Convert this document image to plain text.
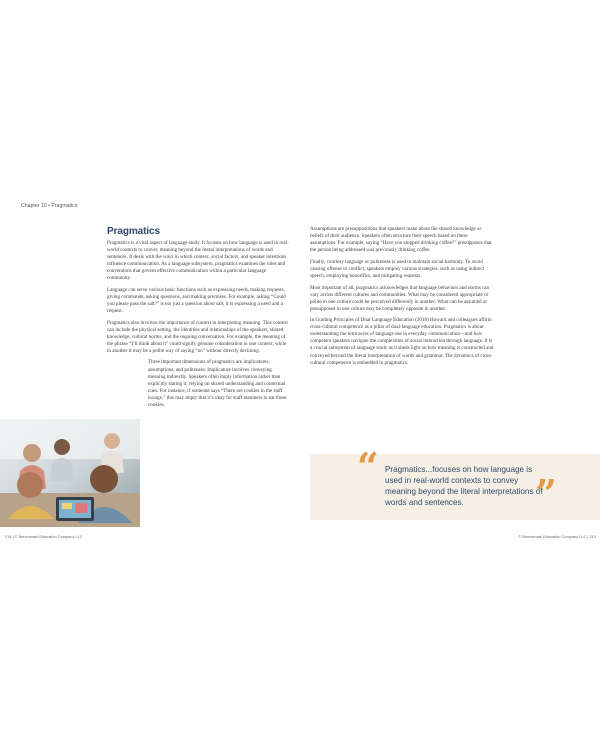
Chapter 10 • Pragmatics
Pragmatics

Pragmatics is a vital aspect of language study. It focuses on how language is used in real-world contexts to convey meaning beyond the literal interpretations of words and sentences. It deals with the ways in which context, social factors, and speaker intentions influence communication. As a language subsystem, pragmatics examines the rules and conventions that govern effective communication within a particular language community.

Language can serve various basic functions such as expressing needs, making requests, giving commands, asking questions, and making promises. For example, asking “Could you please pass the salt?” is not just a question about salt, it is expressing a need and a request.

Pragmatics also involves the importance of context in interpreting meaning. This context can include the physical setting, the identities and relationships of the speakers, shared knowledge, cultural norms, and the ongoing conversation. For example, the meaning of the phrase “I’ll think about it” could signify genuine consideration in one context, while in another it may be a polite way of saying “no” without directly declining.

Three important dimensions of pragmatics are implicatures, assumptions, and politeness. Implicature involves conveying meaning indirectly. Speakers often imply information rather than explicitly stating it, relying on shared understanding and contextual cues. For instance, if someone says “There are cookies in the staff lounge,” this may imply that it’s okay for staff members to eat those cookies.

Assumptions are presuppositions that speakers make about the shared knowledge or beliefs of their audience. Speakers often structure their speech based on these assumptions. For example, saying “Have you stopped drinking coffee?” presupposes that the person being addressed was previously drinking coffee.

Finally, courtesy language or politeness is used to maintain social harmony. To avoid causing offense or conflict, speakers employ various strategies, such as using indirect speech, employing honorifics, and mitigating requests.

Most important of all, pragmatics acknowledges that language behaviors and norms can vary across different cultures and communities. What may be considered appropriate or polite in one culture could be perceived differently in another. What can be assumed or presupposed in one culture may be completely opposite in another.

In Guiding Principles of Dual Language Education (2018) Howard and colleagues affirm cross-cultural competence as a pillar of dual-language education. Pragmatics is about understanding the intricacies of language use in everyday communication—and how competent speakers navigate the complexities of social interaction through language. It is a crucial subsystem of language study as it sheds light on how meaning is constructed and conveyed beyond the literal interpretation of words and grammar. The dynamics of cross-cultural competence is embedded in pragmatics.

“ Pragmatics...focuses on how language is used in real-world contexts to convey meaning beyond the literal interpretations of words and sentences.	”
218 | © Benchmark Education Company LLC	© Benchmark Education Company LLC | 219
